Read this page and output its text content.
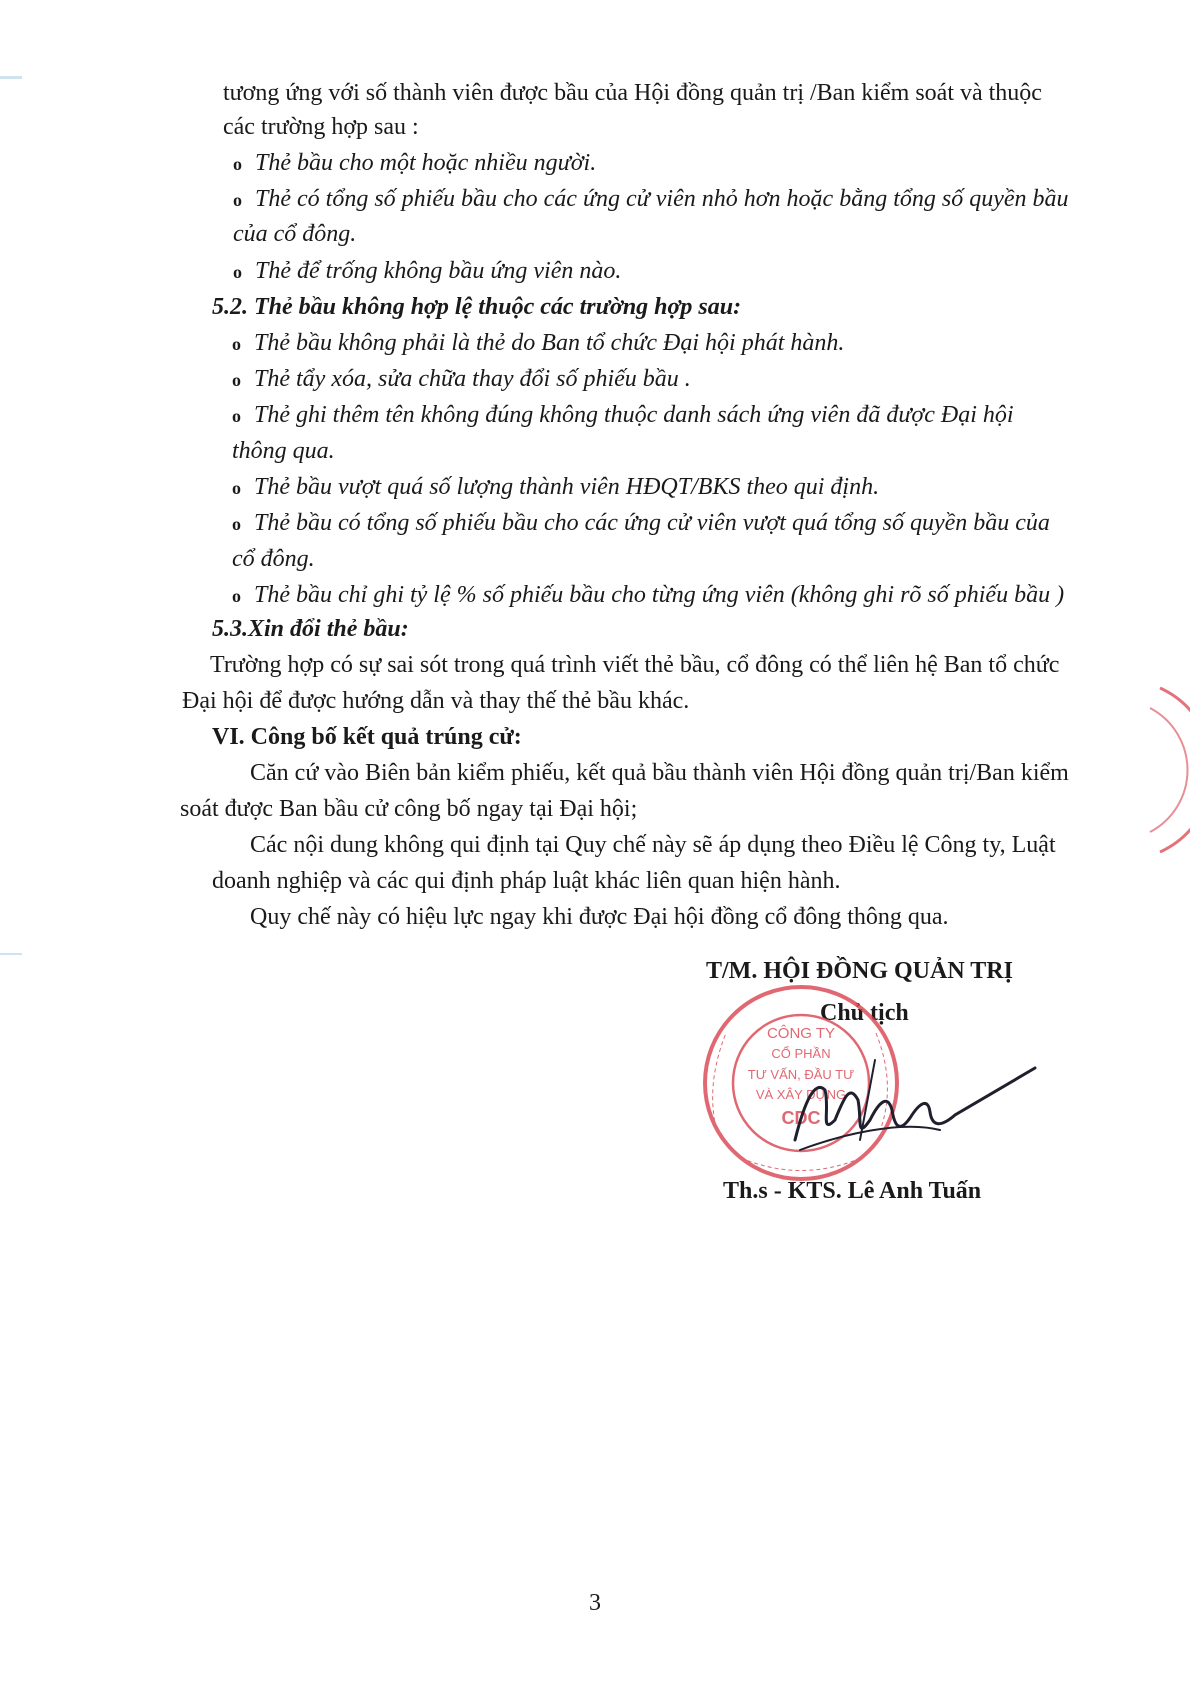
tương ứng với số thành viên được bầu của Hội đồng quản trị /Ban kiểm soát và thuộc
các trường hợp sau :
o Thẻ bầu cho một hoặc nhiều người.
o Thẻ có tổng số phiếu bầu cho các ứng cử viên nhỏ hơn hoặc bằng tổng số quyền bầu
của cổ đông.
o Thẻ để trống không bầu ứng viên nào.
5.2. Thẻ bầu không hợp lệ thuộc các trường hợp sau:
o Thẻ bầu không phải là thẻ do Ban tổ chức Đại hội phát hành.
o Thẻ tẩy xóa, sửa chữa thay đổi số phiếu bầu .
o Thẻ ghi thêm tên không đúng không thuộc danh sách ứng viên đã được Đại hội
thông qua.
o Thẻ bầu vượt quá số lượng thành viên HĐQT/BKS theo qui định.
o Thẻ bầu có tổng số phiếu bầu cho các ứng cử viên vượt quá tổng số quyền bầu của
cổ đông.
o Thẻ bầu chỉ ghi tỷ lệ % số phiếu bầu cho từng ứng viên (không ghi rõ số phiếu bầu )
5.3.Xin đổi thẻ bầu:
Trường hợp có sự sai sót trong quá trình viết thẻ bầu, cổ đông có thể liên hệ Ban tổ chức
Đại hội để được hướng dẫn và thay thế thẻ bầu khác.
VI. Công bố kết quả trúng cử:
Căn cứ vào Biên bản kiểm phiếu, kết quả bầu thành viên Hội đồng quản trị/Ban kiểm
soát được Ban bầu cử công bố ngay tại Đại hội;
Các nội dung không qui định tại Quy chế này sẽ áp dụng theo Điều lệ Công ty, Luật
doanh nghiệp và các qui định pháp luật khác liên quan hiện hành.
Quy chế này có hiệu lực ngay khi được Đại hội đồng cổ đông thông qua.
T/M. HỘI ĐỒNG QUẢN TRỊ
Chủ tịch
CÔNG TY
CỔ PHẦN
TƯ VẤN, ĐẦU TƯ
VÀ XÂY DỰNG
CDC
Th.s - KTS. Lê Anh Tuấn
3
